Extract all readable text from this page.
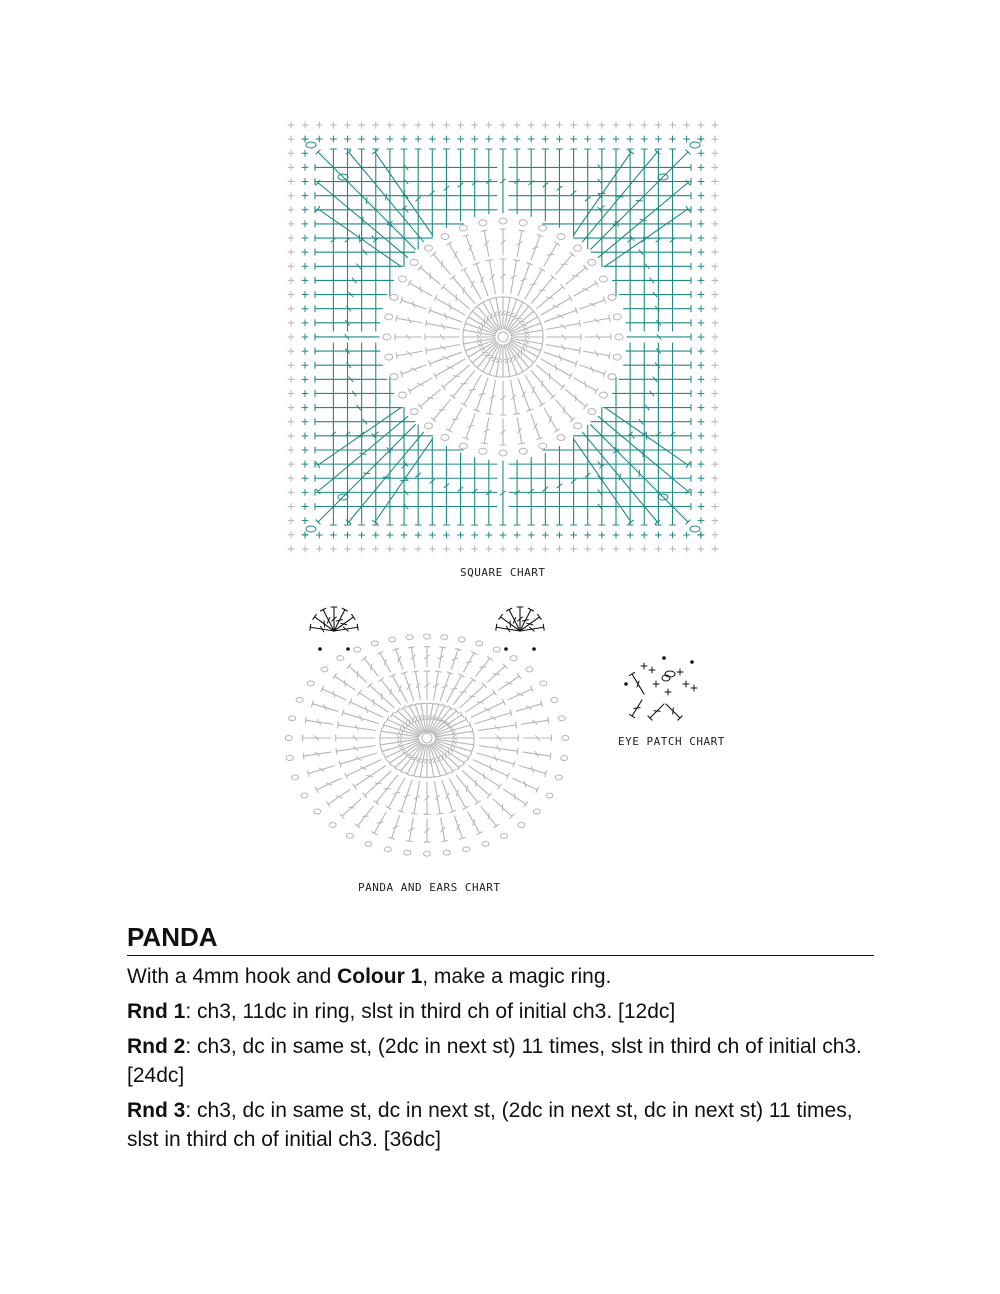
SQUARE CHART
PANDA AND EARS CHART
EYE PATCH CHART
PANDA

With a 4mm hook and Colour 1, make a magic ring.

Rnd 1: ch3, 11dc in ring, slst in third ch of initial ch3. [12dc]

Rnd 2: ch3, dc in same st, (2dc in next st) 11 times, slst in third ch of initial ch3. [24dc]

Rnd 3: ch3, dc in same st, dc in next st, (2dc in next st, dc in next st) 11 times, slst in third ch of initial ch3. [36dc]
